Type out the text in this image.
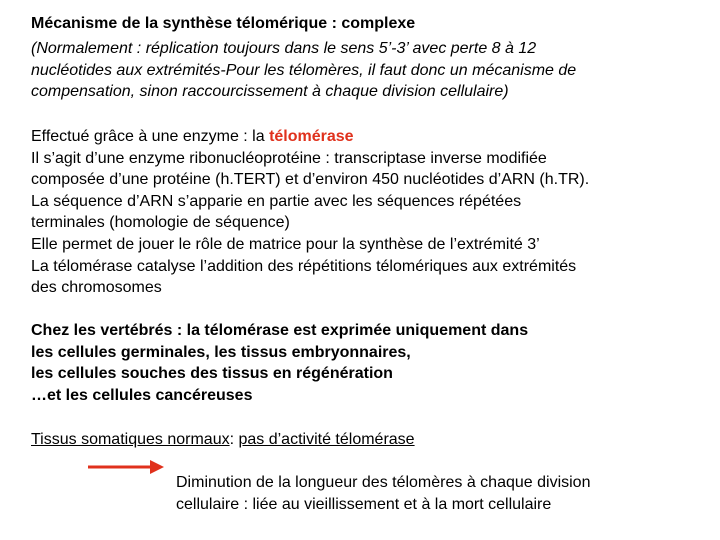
Mécanisme de la synthèse télomérique : complexe

(Normalement : réplication toujours dans le sens 5’-3’ avec perte 8 à 12
nucléotides aux extrémités-Pour les télomères, il faut donc un mécanisme de
compensation, sinon raccourcissement à chaque division cellulaire)

Effectué grâce à une enzyme : la télomérase
Il s’agit d’une enzyme ribonucléoprotéine : transcriptase inverse modifiée
composée d’une protéine (h.TERT) et d’environ 450 nucléotides d’ARN (h.TR).
La séquence d’ARN s’apparie en partie avec les séquences répétées
terminales (homologie de séquence)
Elle permet de jouer le rôle de matrice pour la synthèse de l’extrémité 3’
La télomérase catalyse l’addition des répétitions télomériques aux extrémités
des chromosomes

Chez les vertébrés : la télomérase est exprimée uniquement dans
les cellules germinales, les tissus embryonnaires,
les cellules souches des tissus en régénération
…et les cellules cancéreuses

Tissus somatiques normaux: pas d’activité télomérase

Diminution de la longueur des télomères à chaque division
cellulaire : liée au vieillissement et à la mort cellulaire
